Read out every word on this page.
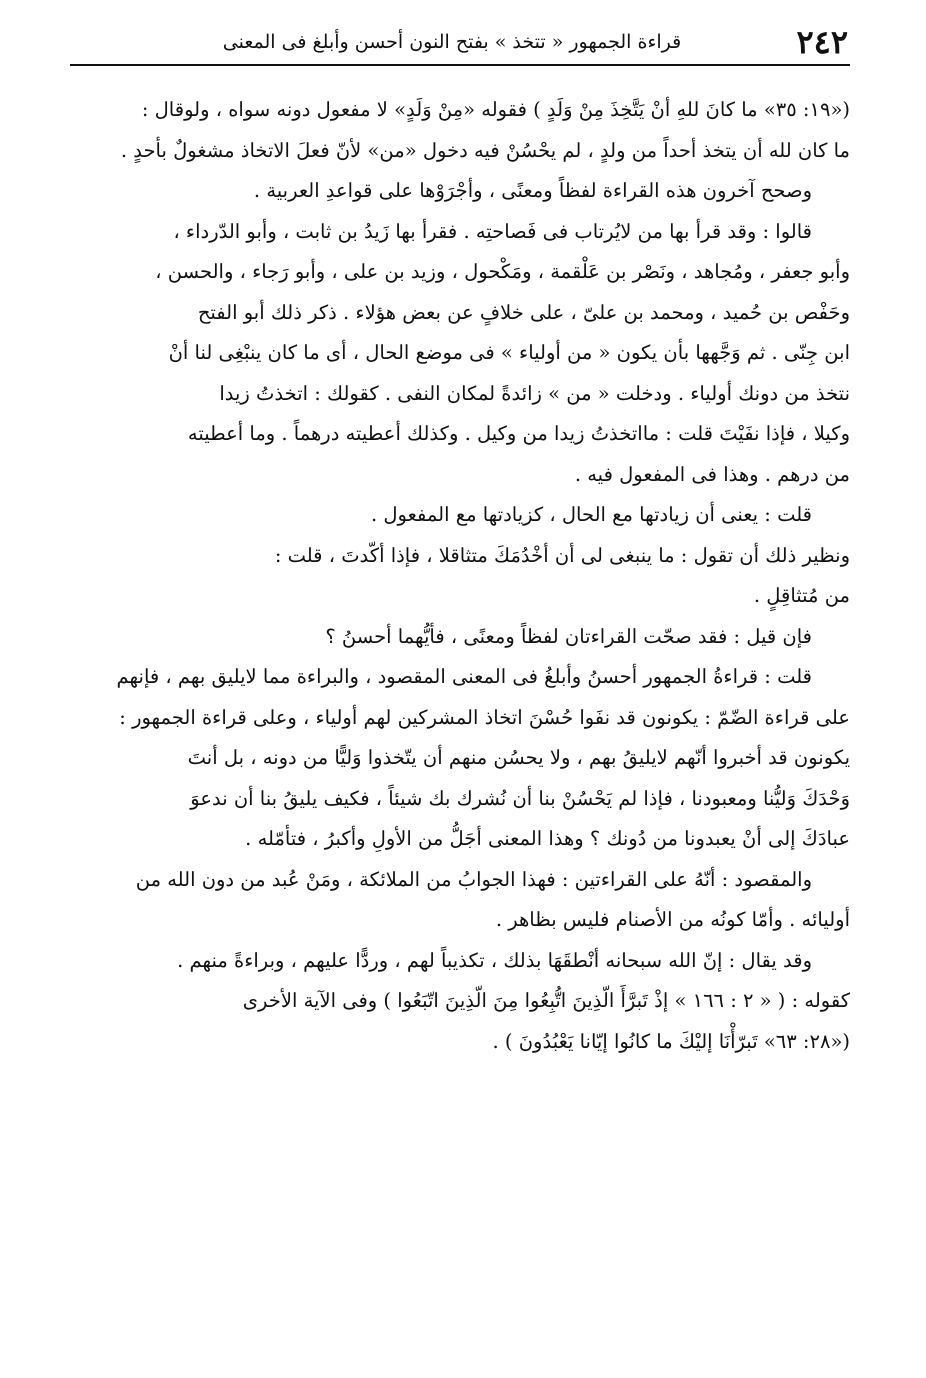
٢٤٢
قراءة الجمهور « تتخذ » بفتح النون أحسن وأبلغ فى المعنى
(«١٩: ٣٥» ما كانَ للهِ أنْ يَتَّخِذَ مِنْ وَلَدٍ ) فقوله «مِنْ وَلَدٍ» لا مفعول دونه سواه ، ولوقال :
ما كان لله أن يتخذ أحداً من ولدٍ ، لم يحْسُنْ فيه دخول «من» لأنّ فعلَ الاتخاذ مشغولٌ بأحدٍ .
وصحح آخرون هذه القراءة لفظاً ومعنًى ، وأجْرَوْها على قواعدِ العربية .
قالوا : وقد قرأ بها من لايُرتاب فى فَصاحتِه . فقرأ بها زَيدُ بن ثابت ، وأبو الدّرداء ،
وأبو جعفر ، ومُجاهد ، ونَصْر بن عَلْقمة ، ومَكْحول ، وزيد بن على ، وأبو رَجاء ، والحسن ،
وحَفْص بن حُميد ، ومحمد بن علىّ ، على خلافٍ عن بعض هؤلاء . ذكر ذلك أبو الفتح
ابن جِنّى . ثم وَجَّهها بأن يكون « من أولياء » فى موضع الحال ، أى ما كان ينبْغِى لنا أنْ
نتخذ من دونك أولياء . ودخلت « من » زائدةً لمكان النفى . كقولك : اتخذتُ زيدا
وكيلا ، فإذا نفَيْتَ قلت : مااتخذتُ زيدا من وكيل . وكذلك أعطيته درهماً . وما أعطيته
من درهم . وهذا فى المفعول فيه .
قلت : يعنى أن زيادتها مع الحال ، كزيادتها مع المفعول .
ونظير ذلك أن تقول : ما ينبغى لى أن أخْدُمَكَ متثاقلا ، فإذا أكّدتَ ، قلت :
من مُتثاقِلٍ .
فإن قيل : فقد صحّت القراءتان لفظاً ومعنًى ، فأيُّهما أحسنُ ؟
قلت : قراءةُ الجمهور أحسنُ وأبلغُ فى المعنى المقصود ، والبراءة مما لايليق بهم ، فإنهم
على قراءة الضّمّ : يكونون قد نفَوا حُسْنَ اتخاذ المشركين لهم أولياء ، وعلى قراءة الجمهور :
يكونون قد أخبروا أنّهم لايليقُ بهم ، ولا يحسُن منهم أن يتّخذوا وَليًّا من دونه ، بل أنتَ
وَحْدَكَ وَليُّنا ومعبودنا ، فإذا لم يَحْسُنْ بنا أن نُشرك بك شيئاً ، فكيف يليقُ بنا أن ندعوَ
عبادَكَ إلى أنْ يعبدونا من دُونك ؟ وهذا المعنى أجَلُّ من الأولِ وأكبرُ ، فتأمّله .
والمقصود : أنّهُ على القراءتين : فهذا الجوابُ من الملائكة ، ومَنْ عُبد من دون الله من
أوليائه . وأمّا كونُه من الأصنام فليس بظاهر .
وقد يقال : إنّ الله سبحانه أنْطقَهَا بذلك ، تكذيباً لهم ، وردًّا عليهم ، وبراءةً منهم .
كقوله : ( « ٢ : ١٦٦ » إذْ تَبرَّأَ الّذِينَ اتُّبِعُوا مِنَ الّذِينَ اتّبَعُوا ) وفى الآية الأخرى
(«٢٨: ٦٣» تَبرّأْنَا إليْكَ ما كانُوا إيّانا يَعْبُدُونَ ) .
